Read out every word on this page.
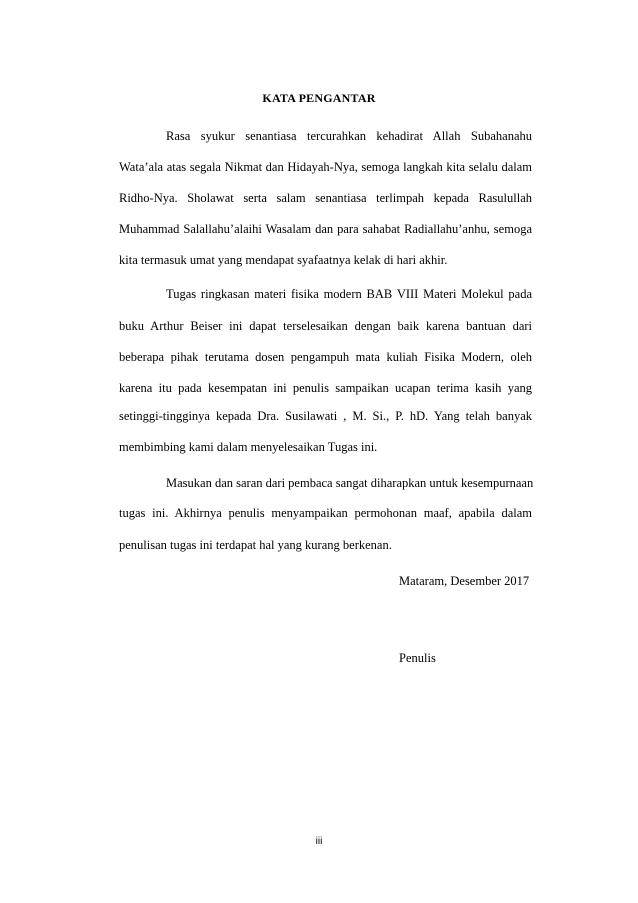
KATA PENGANTAR
Rasa syukur senantiasa tercurahkan kehadirat Allah Subahanahu
Wata’ala atas segala Nikmat dan Hidayah-Nya, semoga langkah kita selalu dalam
Ridho-Nya. Sholawat serta salam senantiasa terlimpah kepada Rasulullah
Muhammad Salallahu’alaihi Wasalam dan para sahabat Radiallahu’anhu, semoga
kita termasuk umat yang mendapat syafaatnya kelak di hari akhir.
Tugas ringkasan materi fisika modern BAB VIII Materi Molekul pada
buku Arthur Beiser ini dapat terselesaikan dengan baik karena bantuan dari
beberapa pihak terutama dosen pengampuh mata kuliah Fisika Modern, oleh
karena itu pada kesempatan ini penulis sampaikan ucapan terima kasih yang
setinggi-tingginya kepada Dra. Susilawati , M. Si., P. hD. Yang telah banyak
membimbing kami dalam menyelesaikan Tugas ini.
Masukan dan saran dari pembaca sangat diharapkan untuk kesempurnaan
tugas ini. Akhirnya penulis menyampaikan permohonan maaf, apabila dalam
penulisan tugas ini terdapat hal yang kurang berkenan.
Mataram, Desember 2017
Penulis
iii
